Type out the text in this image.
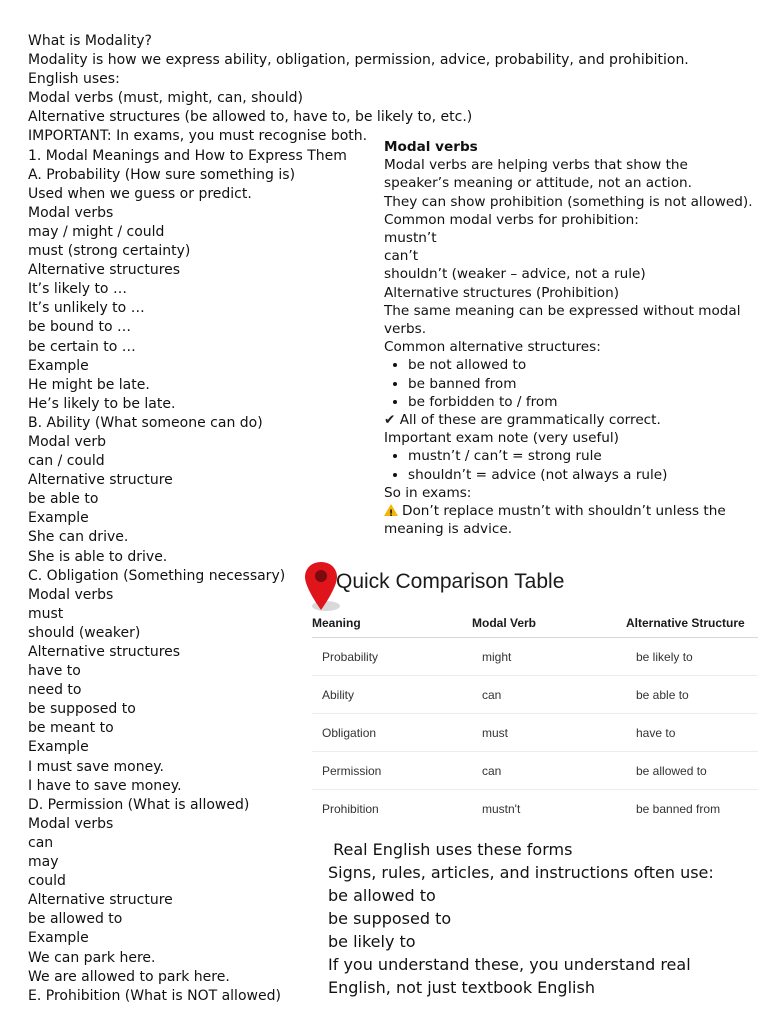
What is Modality?
Modality is how we express ability, obligation, permission, advice, probability, and prohibition.
English uses:
Modal verbs (must, might, can, should)
Alternative structures (be allowed to, have to, be likely to, etc.)
IMPORTANT: In exams, you must recognise both.
1. Modal Meanings and How to Express Them
A. Probability (How sure something is)
Used when we guess or predict.
Modal verbs
may / might / could
must (strong certainty)
Alternative structures
It’s likely to …
It’s unlikely to …
be bound to …
be certain to …
Example
He might be late.
He’s likely to be late.
B. Ability (What someone can do)
Modal verb
can / could
Alternative structure
be able to
Example
She can drive.
She is able to drive.
C. Obligation (Something necessary)
Modal verbs
must
should (weaker)
Alternative structures
have to
need to
be supposed to
be meant to
Example
I must save money.
I have to save money.
D. Permission (What is allowed)
Modal verbs
can
may
could
Alternative structure
be allowed to
Example
We can park here.
We are allowed to park here.
E. Prohibition (What is NOT allowed)
Modal verbs
Modal verbs are helping verbs that show the speaker’s meaning or attitude, not an action.
They can show prohibition (something is not allowed).
Common modal verbs for prohibition:
mustn’t
can’t
shouldn’t (weaker – advice, not a rule)
Alternative structures (Prohibition)
The same meaning can be expressed without modal verbs.
Common alternative structures:
• be not allowed to
• be banned from
• be forbidden to / from
✔ All of these are grammatically correct.
Important exam note (very useful)
• mustn’t / can’t = strong rule
• shouldn’t = advice (not always a rule)
So in exams:
!Don’t replace mustn’t with shouldn’t unless the meaning is advice.
Quick Comparison Table
Meaning	Modal Verb	Alternative Structure
Probability	might	be likely to
Ability	can	be able to
Obligation	must	have to
Permission	can	be allowed to
Prohibition	mustn't	be banned from
Real English uses these forms
Signs, rules, articles, and instructions often use:
be allowed to
be supposed to
be likely to
If you understand these, you understand real
English, not just textbook English
